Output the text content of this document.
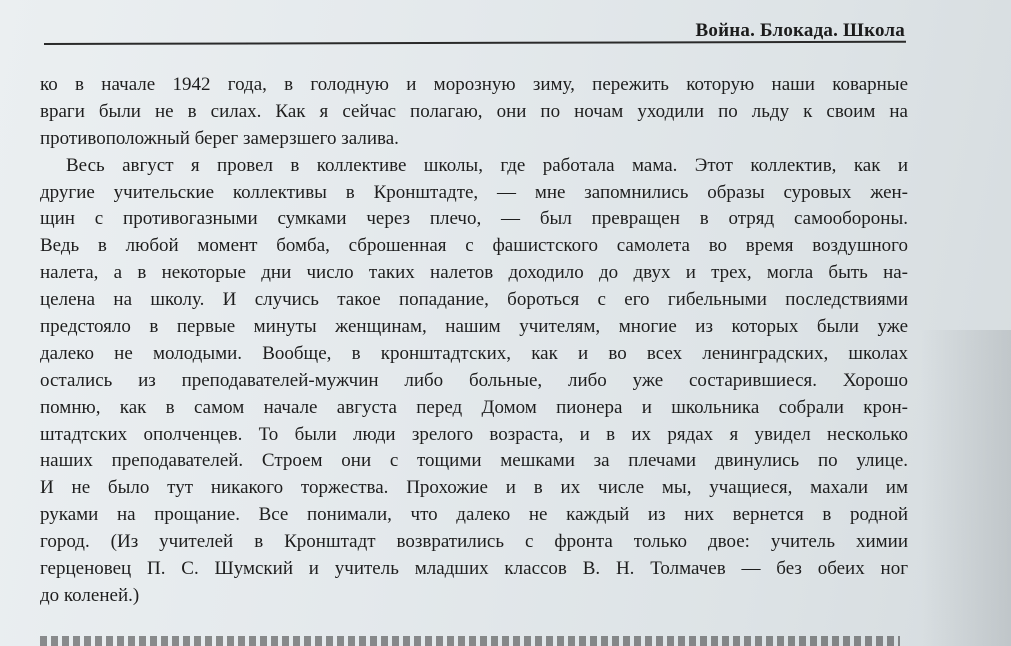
Война. Блокада. Школа
ко в начале 1942 года, в голодную и морозную зиму, пережить которую наши коварные
враги были не в силах. Как я сейчас полагаю, они по ночам уходили по льду к своим на
противоположный берег замерзшего залива.
Весь август я провел в коллективе школы, где работала мама. Этот коллектив, как и
другие учительские коллективы в Кронштадте, — мне запомнились образы суровых жен-
щин с противогазными сумками через плечо, — был превращен в отряд самообороны.
Ведь в любой момент бомба, сброшенная с фашистского самолета во время воздушного
налета, а в некоторые дни число таких налетов доходило до двух и трех, могла быть на-
целена на школу. И случись такое попадание, бороться с его гибельными последствиями
предстояло в первые минуты женщинам, нашим учителям, многие из которых были уже
далеко не молодыми. Вообще, в кронштадтских, как и во всех ленинградских, школах
остались из преподавателей-мужчин либо больные, либо уже состарившиеся. Хорошо
помню, как в самом начале августа перед Домом пионера и школьника собрали крон-
штадтских ополченцев. То были люди зрелого возраста, и в их рядах я увидел несколько
наших преподавателей. Строем они с тощими мешками за плечами двинулись по улице.
И не было тут никакого торжества. Прохожие и в их числе мы, учащиеся, махали им
руками на прощание. Все понимали, что далеко не каждый из них вернется в родной
город. (Из учителей в Кронштадт возвратились с фронта только двое: учитель химии
герценовец П. С. Шумский и учитель младших классов В. Н. Толмачев — без обеих ног
до коленей.)
